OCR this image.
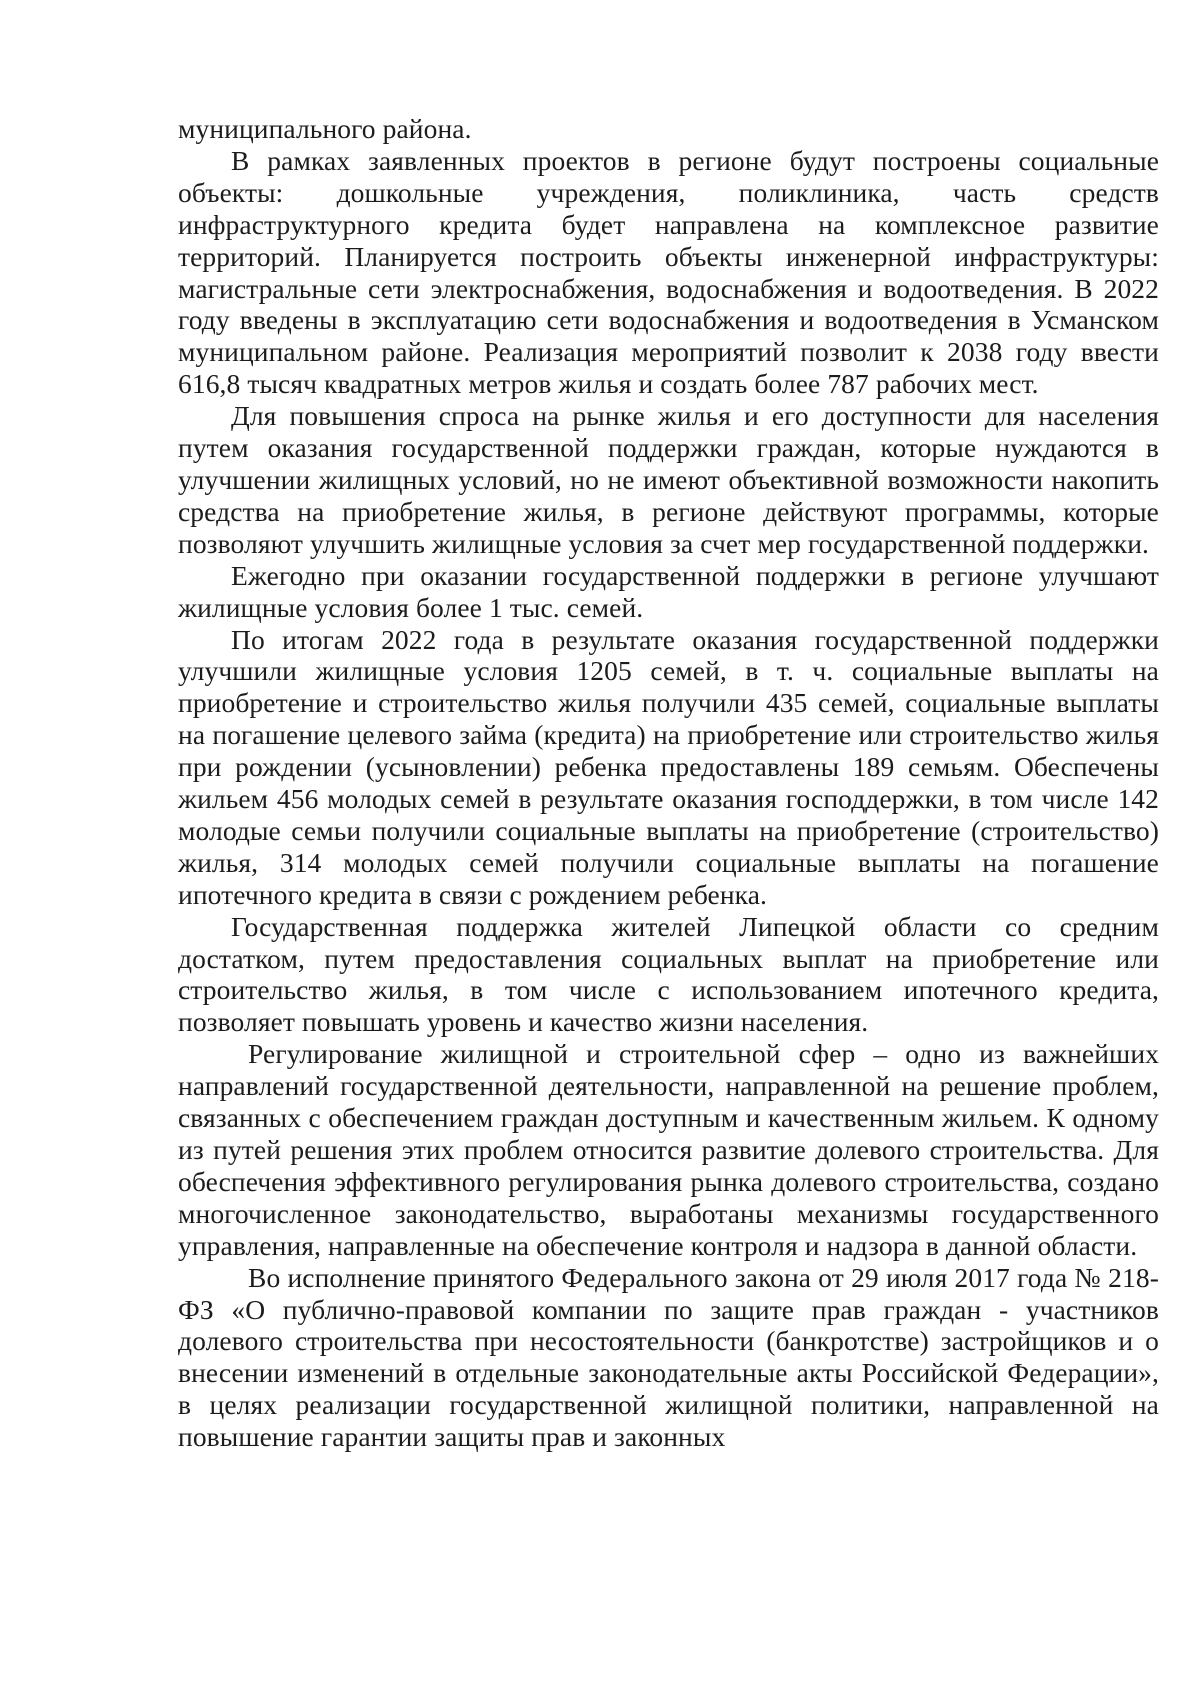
муниципального района.

В рамках заявленных проектов в регионе будут построены социальные объекты: дошкольные учреждения, поликлиника, часть средств инфраструктурного кредита будет направлена на комплексное развитие территорий. Планируется построить объекты инженерной инфраструктуры: магистральные сети электроснабжения, водоснабжения и водоотведения. В 2022 году введены в эксплуатацию сети водоснабжения и водоотведения в Усманском муниципальном районе. Реализация мероприятий позволит к 2038 году ввести 616,8 тысяч квадратных метров жилья и создать более 787 рабочих мест.

Для повышения спроса на рынке жилья и его доступности для населения путем оказания государственной поддержки граждан, которые нуждаются в улучшении жилищных условий, но не имеют объективной возможности накопить средства на приобретение жилья, в регионе действуют программы, которые позволяют улучшить жилищные условия за счет мер государственной поддержки.

Ежегодно при оказании государственной поддержки в регионе улучшают жилищные условия более 1 тыс. семей.

По итогам 2022 года в результате оказания государственной поддержки улучшили жилищные условия 1205 семей, в т. ч. социальные выплаты на приобретение и строительство жилья получили 435 семей, социальные выплаты на погашение целевого займа (кредита) на приобретение или строительство жилья при рождении (усыновлении) ребенка предоставлены 189 семьям. Обеспечены жильем 456 молодых семей в результате оказания господдержки, в том числе 142 молодые семьи получили социальные выплаты на приобретение (строительство) жилья, 314 молодых семей получили социальные выплаты на погашение ипотечного кредита в связи с рождением ребенка.

Государственная поддержка жителей Липецкой области со средним достатком, путем предоставления социальных выплат на приобретение или строительство жилья, в том числе с использованием ипотечного кредита, позволяет повышать уровень и качество жизни населения.

Регулирование жилищной и строительной сфер – одно из важнейших направлений государственной деятельности, направленной на решение проблем, связанных с обеспечением граждан доступным и качественным жильем. К одному из путей решения этих проблем относится развитие долевого строительства. Для обеспечения эффективного регулирования рынка долевого строительства, создано многочисленное законодательство, выработаны механизмы государственного управления, направленные на обеспечение контроля и надзора в данной области.

Во исполнение принятого Федерального закона от 29 июля 2017 года № 218-ФЗ «О публично-правовой компании по защите прав граждан - участников долевого строительства при несостоятельности (банкротстве) застройщиков и о внесении изменений в отдельные законодательные акты Российской Федерации», в целях реализации государственной жилищной политики, направленной на повышение гарантии защиты прав и законных
